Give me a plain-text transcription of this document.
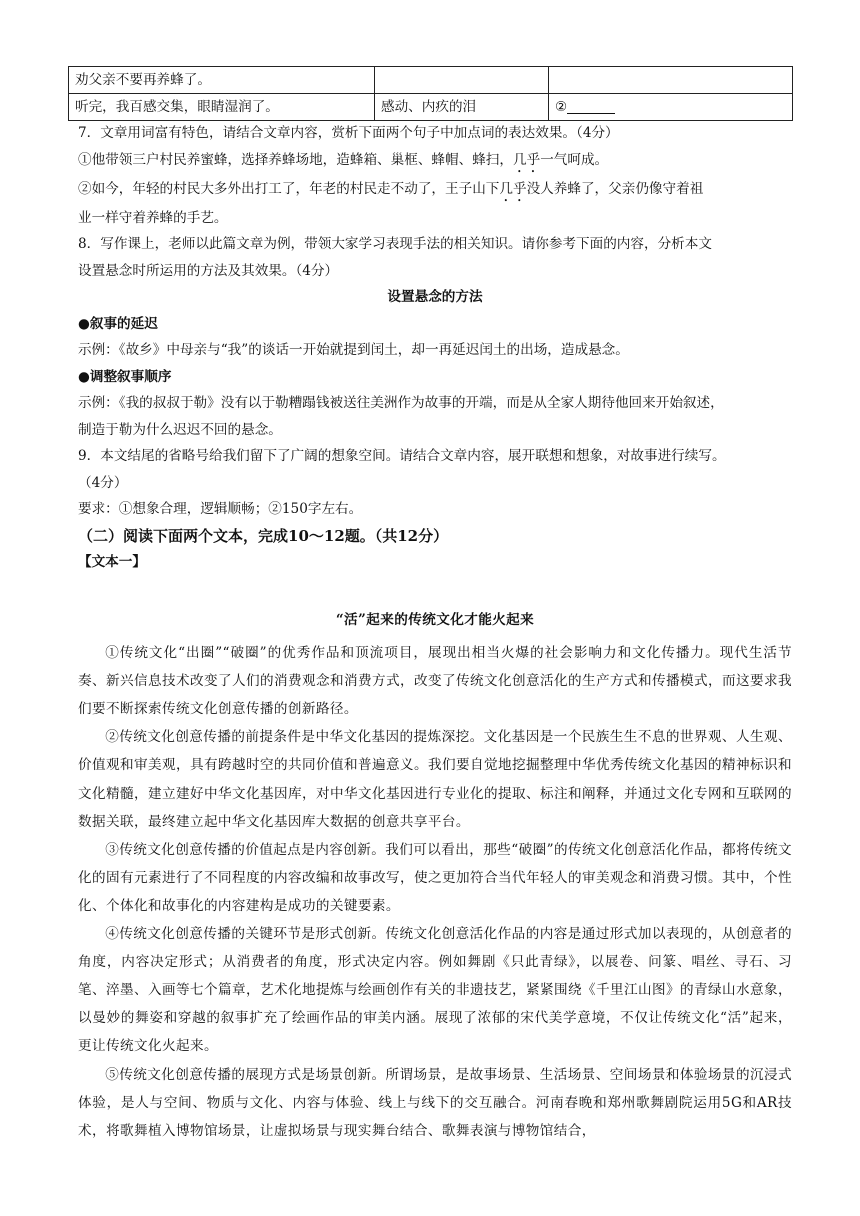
劝父亲不要再养蜂了。		
听完，我百感交集，眼睛湿润了。	感动、内疚的泪	②

7．文章用词富有特色，请结合文章内容，赏析下面两个句子中加点词的表达效果。（4分）

①他带领三户村民养蜜蜂，选择养蜂场地，造蜂箱、巢框、蜂帽、蜂扫，几乎一气呵成。

②如今，年轻的村民大多外出打工了，年老的村民走不动了，王子山下几乎没人养蜂了，父亲仍像守着祖

业一样守着养蜂的手艺。

8．写作课上，老师以此篇文章为例，带领大家学习表现手法的相关知识。请你参考下面的内容，分析本文

设置悬念时所运用的方法及其效果。（4分）

设置悬念的方法

●叙事的延迟

示例：《故乡》中母亲与“我”的谈话一开始就提到闰土，却一再延迟闰土的出场，造成悬念。

●调整叙事顺序

示例：《我的叔叔于勒》没有以于勒糟蹋钱被送往美洲作为故事的开端，而是从全家人期待他回来开始叙述，

制造于勒为什么迟迟不回的悬念。

9．本文结尾的省略号给我们留下了广阔的想象空间。请结合文章内容，展开联想和想象，对故事进行续写。

（4分）

要求：①想象合理，逻辑顺畅；②150字左右。

（二）阅读下面两个文本，完成10～12题。（共12分）

【文本一】

“活”起来的传统文化才能火起来

①传统文化“出圈”“破圈”的优秀作品和顶流项目，展现出相当火爆的社会影响力和文化传播力。现代生活节奏、新兴信息技术改变了人们的消费观念和消费方式，改变了传统文化创意活化的生产方式和传播模式，而这要求我们要不断探索传统文化创意传播的创新路径。

②传统文化创意传播的前提条件是中华文化基因的提炼深挖。文化基因是一个民族生生不息的世界观、人生观、价值观和审美观，具有跨越时空的共同价值和普遍意义。我们要自觉地挖掘整理中华优秀传统文化基因的精神标识和文化精髓，建立建好中华文化基因库，对中华文化基因进行专业化的提取、标注和阐释，并通过文化专网和互联网的数据关联，最终建立起中华文化基因库大数据的创意共享平台。

③传统文化创意传播的价值起点是内容创新。我们可以看出，那些“破圈”的传统文化创意活化作品，都将传统文化的固有元素进行了不同程度的内容改编和故事改写，使之更加符合当代年轻人的审美观念和消费习惯。其中，个性化、个体化和故事化的内容建构是成功的关键要素。

④传统文化创意传播的关键环节是形式创新。传统文化创意活化作品的内容是通过形式加以表现的，从创意者的角度，内容决定形式；从消费者的角度，形式决定内容。例如舞剧《只此青绿》，以展卷、问篆、唱丝、寻石、习笔、淬墨、入画等七个篇章，艺术化地提炼与绘画创作有关的非遗技艺，紧紧围绕《千里江山图》的青绿山水意象，以曼妙的舞姿和穿越的叙事扩充了绘画作品的审美内涵。展现了浓郁的宋代美学意境，不仅让传统文化“活”起来，更让传统文化火起来。

⑤传统文化创意传播的展现方式是场景创新。所谓场景，是故事场景、生活场景、空间场景和体验场景的沉浸式体验，是人与空间、物质与文化、内容与体验、线上与线下的交互融合。河南春晚和郑州歌舞剧院运用5G和AR技术，将歌舞植入博物馆场景，让虚拟场景与现实舞台结合、歌舞表演与博物馆结合，
